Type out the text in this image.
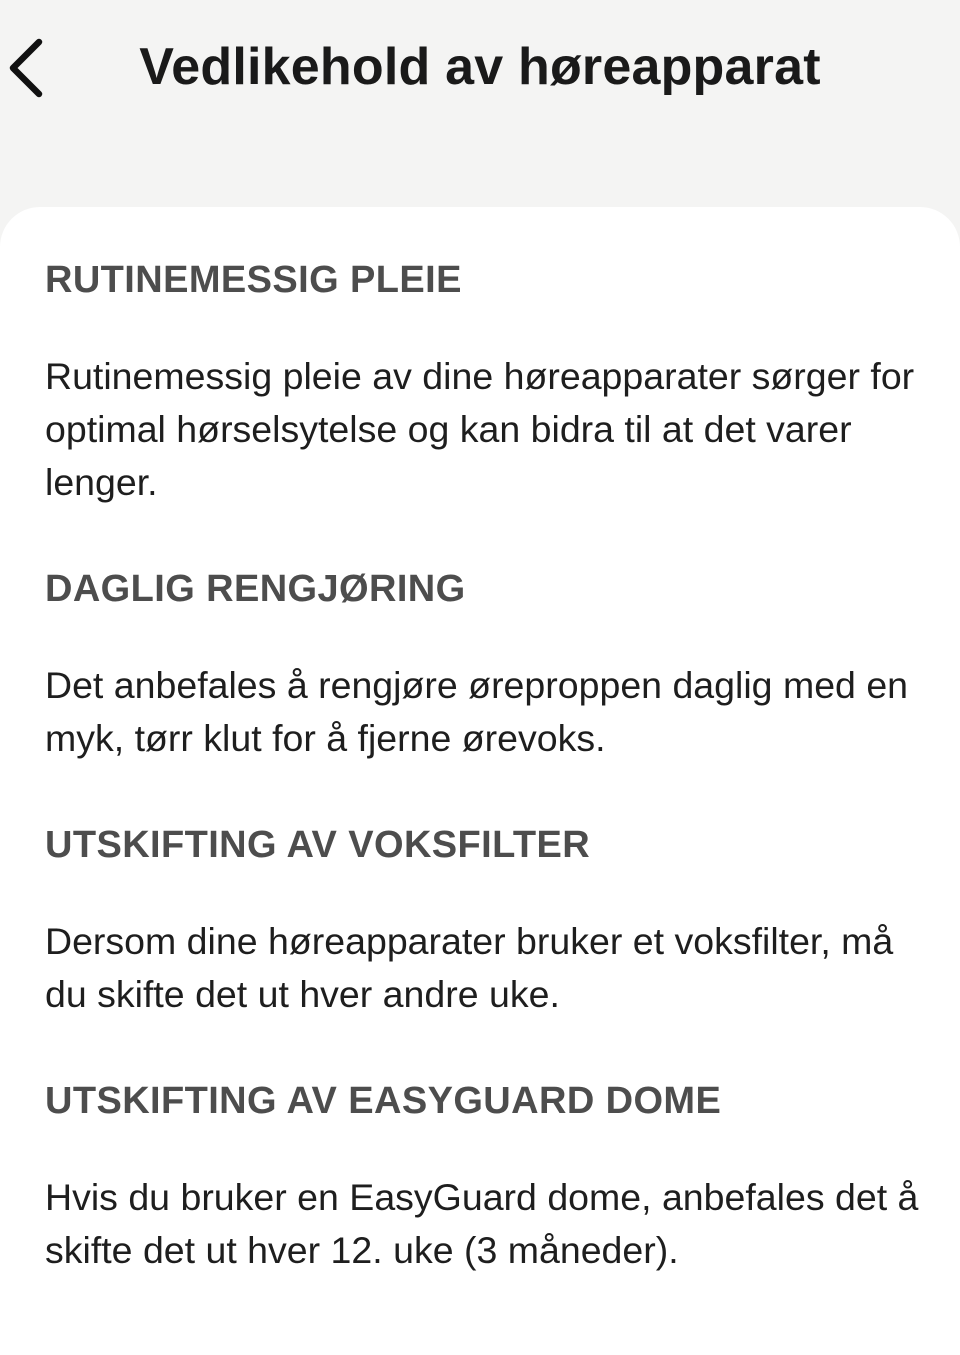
Vedlikehold av høreapparat
RUTINEMESSIG PLEIE

Rutinemessig pleie av dine høreapparater sørger for optimal hørselsytelse og kan bidra til at det varer lenger.

DAGLIG RENGJØRING

Det anbefales å rengjøre øreproppen daglig med en myk, tørr klut for å fjerne ørevoks.

UTSKIFTING AV VOKSFILTER

Dersom dine høreapparater bruker et voksfilter, må du skifte det ut hver andre uke.

UTSKIFTING AV EASYGUARD DOME

Hvis du bruker en EasyGuard dome, anbefales det å skifte det ut hver 12. uke (3 måneder).
